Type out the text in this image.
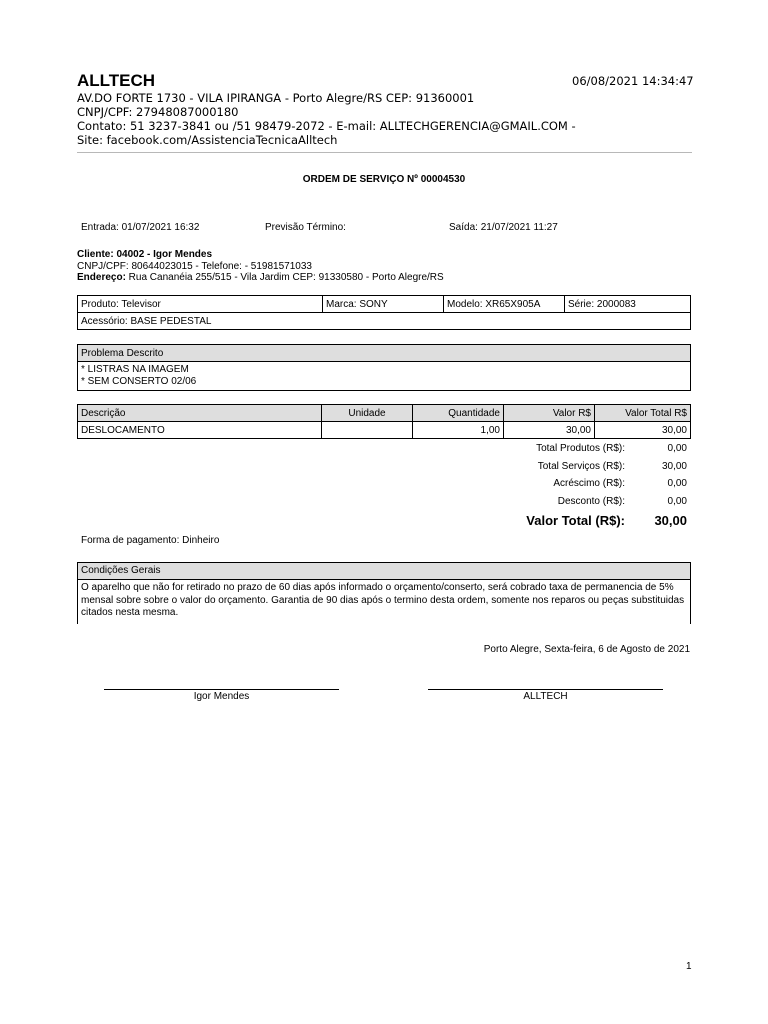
ALLTECH	06/08/2021 14:34:47
AV.DO FORTE 1730 - VILA IPIRANGA - Porto Alegre/RS CEP: 91360001
CNPJ/CPF: 27948087000180
Contato: 51 3237-3841 ou /51 98479-2072 - E-mail: ALLTECHGERENCIA@GMAIL.COM - Site: facebook.com/AssistenciaTecnicaAlltech
ORDEM DE SERVIÇO Nº 00004530
Entrada: 01/07/2021 16:32	Previsão Término:	Saída: 21/07/2021 11:27
Cliente: 04002 - Igor Mendes
CNPJ/CPF: 80644023015 - Telefone: - 51981571033
Endereço: Rua Cananéia 255/515 - Vila Jardim CEP: 91330580 - Porto Alegre/RS
Produto: Televisor	Marca: SONY	Modelo: XR65X905A	Série: 2000083
Acessório: BASE PEDESTAL
Problema Descrito

* LISTRAS NA IMAGEM
* SEM CONSERTO 02/06
Descrição	Unidade	Quantidade	Valor R$	Valor Total R$
DESLOCAMENTO		1,00	30,00	30,00
Total Produtos (R$):	0,00
Total Serviços (R$):	30,00
Acréscimo (R$):	0,00
Desconto (R$):	0,00
Valor Total (R$):	30,00
Forma de pagamento: Dinheiro
Condições Gerais
O aparelho que não for retirado no prazo de 60 dias após informado o orçamento/conserto, será cobrado taxa de permanencia de 5% mensal sobre sobre o valor do orçamento. Garantia de 90 dias após o termino desta ordem, somente nos reparos ou peças substituidas citados nesta mesma.
Porto Alegre, Sexta-feira, 6 de Agosto de 2021
Igor Mendes	ALLTECH
1
